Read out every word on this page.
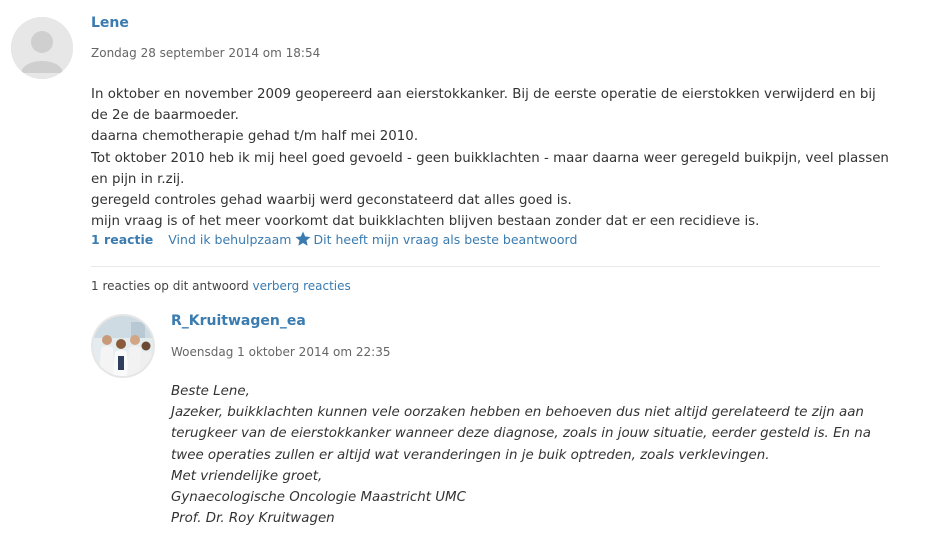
Lene
Zondag 28 september 2014 om 18:54

In oktober en november 2009 geopereerd aan eierstokkanker. Bij de eerste operatie de eierstokken verwijderd en bij de 2e de baarmoeder.

daarna chemotherapie gehad t/m half mei 2010.

Tot oktober 2010 heb ik mij heel goed gevoeld - geen buikklachten - maar daarna weer geregeld buikpijn, veel plassen en pijn in r.zij.

geregeld controles gehad waarbij werd geconstateerd dat alles goed is.

mijn vraag is of het meer voorkomt dat buikklachten blijven bestaan zonder dat er een recidieve is.

1 reactie Vind ik behulpzaam Dit heeft mijn vraag als beste beantwoord
1 reacties op dit antwoord verberg reacties
R_Kruitwagen_ea
Woensdag 1 oktober 2014 om 22:35

Beste Lene,

Jazeker, buikklachten kunnen vele oorzaken hebben en behoeven dus niet altijd gerelateerd te zijn aan terugkeer van de eierstokkanker wanneer deze diagnose, zoals in jouw situatie, eerder gesteld is. En na twee operaties zullen er altijd wat veranderingen in je buik optreden, zoals verklevingen.

Met vriendelijke groet,

Gynaecologische Oncologie Maastricht UMC

Prof. Dr. Roy Kruitwagen
